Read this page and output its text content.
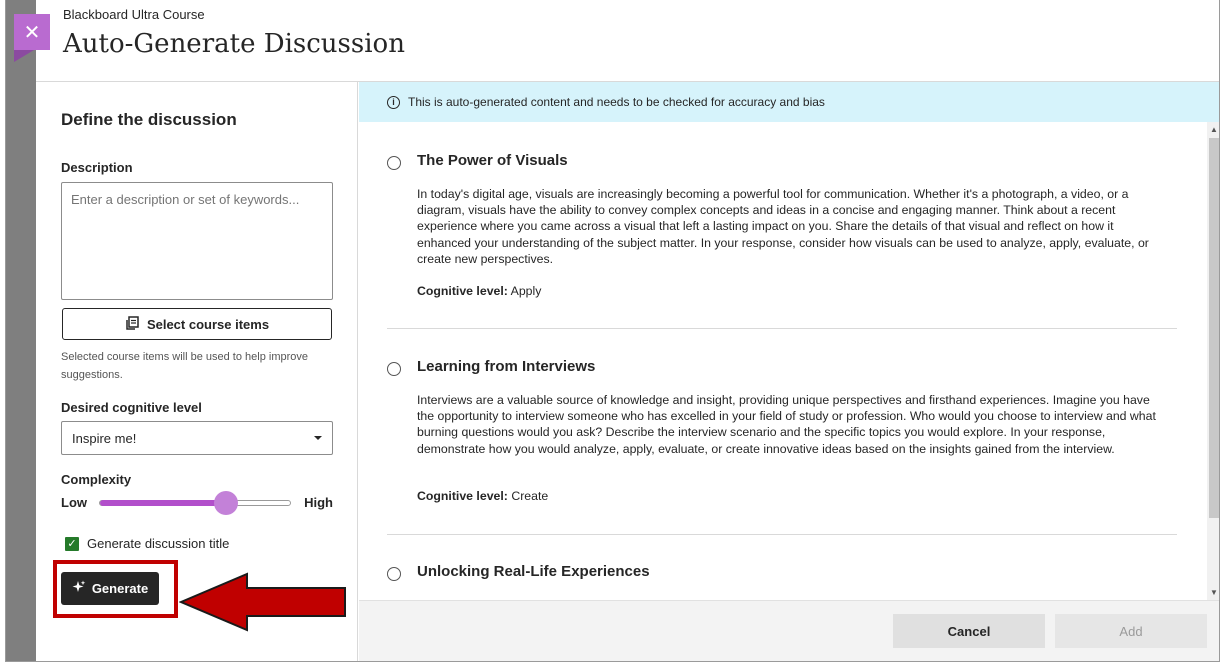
Blackboard Ultra Course
Auto-Generate Discussion
Define the discussion
Description
Enter a description or set of keywords...
Select course items
Selected course items will be used to help improve suggestions.
Desired cognitive level
Inspire me!
Complexity
Low	High
✓ Generate discussion title
Generate
i	This is auto-generated content and needs to be checked for accuracy and bias
The Power of Visuals
In today's digital age, visuals are increasingly becoming a powerful tool for communication. Whether it's a photograph, a video, or a diagram, visuals have the ability to convey complex concepts and ideas in a concise and engaging manner. Think about a recent experience where you came across a visual that left a lasting impact on you. Share the details of that visual and reflect on how it enhanced your understanding of the subject matter. In your response, consider how visuals can be used to analyze, apply, evaluate, or create new perspectives.
Cognitive level: Apply
Learning from Interviews
Interviews are a valuable source of knowledge and insight, providing unique perspectives and firsthand experiences. Imagine you have the opportunity to interview someone who has excelled in your field of study or profession. Who would you choose to interview and what burning questions would you ask? Describe the interview scenario and the specific topics you would explore. In your response, demonstrate how you would analyze, apply, evaluate, or create innovative ideas based on the insights gained from the interview.
Cognitive level: Create
Unlocking Real-Life Experiences
▲
▼
Cancel	Add
✕
